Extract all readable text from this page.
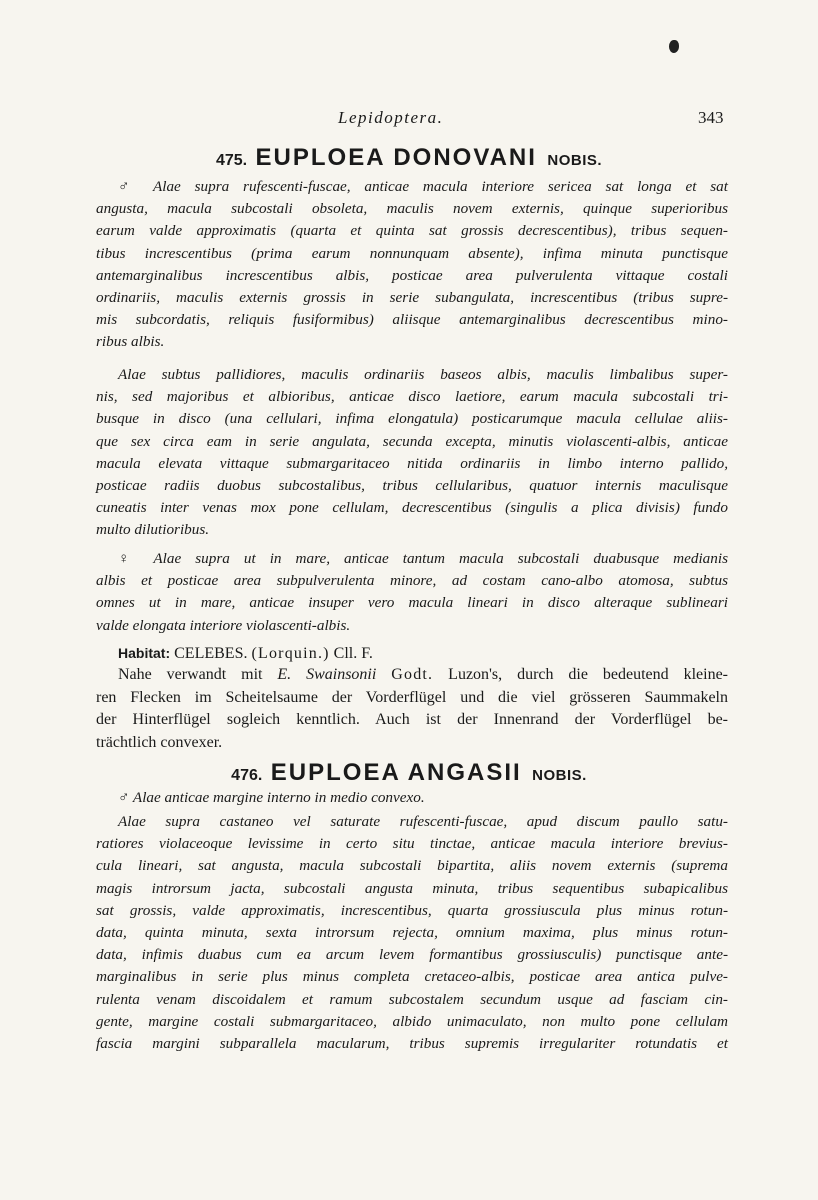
Lepidoptera.	343
475. EUPLOEA DONOVANI NOBIS.
♂ Alae supra rufescenti-fuscae, anticae macula interiore sericea sat longa et sat
angusta, macula subcostali obsoleta, maculis novem externis, quinque superioribus
earum valde approximatis (quarta et quinta sat grossis decrescentibus), tribus sequen-
tibus increscentibus (prima earum nonnunquam absente), infima minuta punctisque
antemarginalibus increscentibus albis, posticae area pulverulenta vittaque costali
ordinariis, maculis externis grossis in serie subangulata, increscentibus (tribus supre-
mis subcordatis, reliquis fusiformibus) aliisque antemarginalibus decrescentibus mino-
ribus albis.
Alae subtus pallidiores, maculis ordinariis baseos albis, maculis limbalibus super-
nis, sed majoribus et albioribus, anticae disco laetiore, earum macula subcostali tri-
busque in disco (una cellulari, infima elongatula) posticarumque macula cellulae aliis-
que sex circa eam in serie angulata, secunda excepta, minutis violascenti-albis, anticae
macula elevata vittaque submargaritaceo nitida ordinariis in limbo interno pallido,
posticae radiis duobus subcostalibus, tribus cellularibus, quatuor internis maculisque
cuneatis inter venas mox pone cellulam, decrescentibus (singulis a plica divisis) fundo
multo dilutioribus.
♀ Alae supra ut in mare, anticae tantum macula subcostali duabusque medianis
albis et posticae area subpulverulenta minore, ad costam cano-albo atomosa, subtus
omnes ut in mare, anticae insuper vero macula lineari in disco alteraque sublineari
valde elongata interiore violascenti-albis.
Habitat: CELEBES. (Lorquin.) Cll. F.
Nahe verwandt mit E. Swainsonii Godt. Luzon's, durch die bedeutend kleine-
ren Flecken im Scheitelsaume der Vorderflügel und die viel grösseren Saummakeln
der Hinterflügel sogleich kenntlich. Auch ist der Innenrand der Vorderflügel be-
trächtlich convexer.
476. EUPLOEA ANGASII NOBIS.
♂ Alae anticae margine interno in medio convexo.
Alae supra castaneo vel saturate rufescenti-fuscae, apud discum paullo satu-
ratiores violaceoque levissime in certo situ tinctae, anticae macula interiore brevius-
cula lineari, sat angusta, macula subcostali bipartita, aliis novem externis (suprema
magis introrsum jacta, subcostali angusta minuta, tribus sequentibus subapicalibus
sat grossis, valde approximatis, increscentibus, quarta grossiuscula plus minus rotun-
data, quinta minuta, sexta introrsum rejecta, omnium maxima, plus minus rotun-
data, infimis duabus cum ea arcum levem formantibus grossiusculis) punctisque ante-
marginalibus in serie plus minus completa cretaceo-albis, posticae area antica pulve-
rulenta venam discoidalem et ramum subcostalem secundum usque ad fasciam cin-
gente, margine costali submargaritaceo, albido unimaculato, non multo pone cellulam
fascia margini subparallela macularum, tribus supremis irregulariter rotundatis et
